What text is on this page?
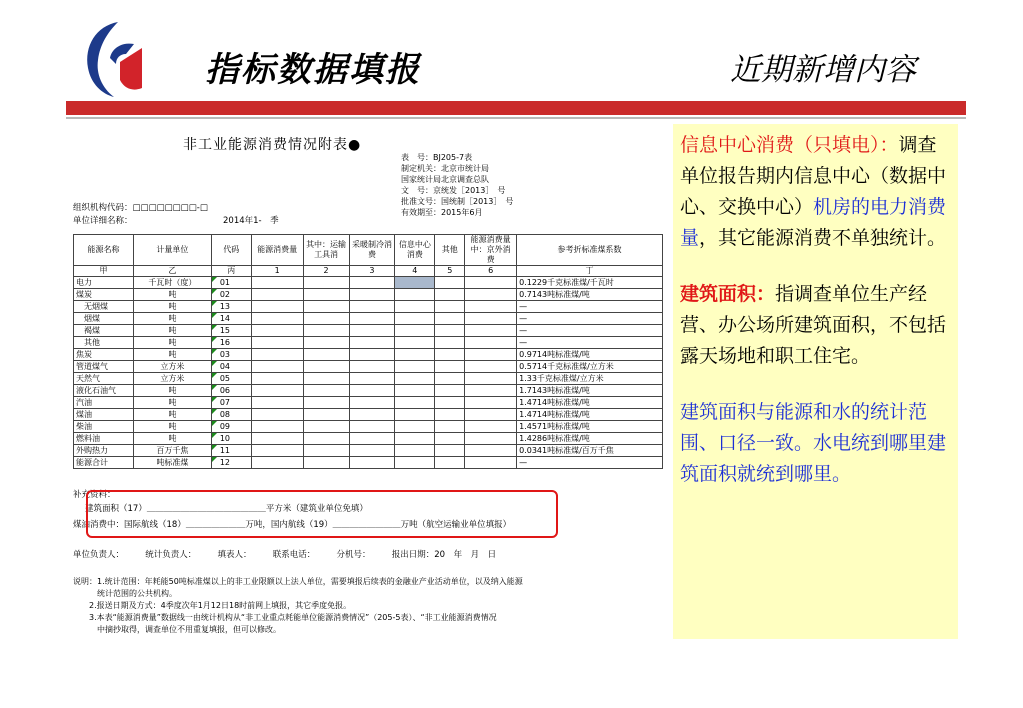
指标数据填报	近期新增内容
非工业能源消费情况附表●
表　号：BJ205-7表
制定机关：北京市统计局
国家统计局北京调查总队
文　号：京统发［2013］　号
批准文号：国统制［2013］　号
有效期至：2015年6月
组织机构代码：□□□□□□□□-□
单位详细名称：	2014年1-　季
能源名称	计量单位	代码	能源消费量	其中：运输工具消	采暖制冷消费	信息中心消费	其他	能源消费量中：京外消费	参考折标准煤系数
甲	乙	丙	1	2	3	4	5	6	丁
电力	千瓦时（度）	01							0.1229千克标准煤/千瓦时
煤炭	吨	02							0.7143吨标准煤/吨
　无烟煤	吨	13							—
　烟煤	吨	14							—
　褐煤	吨	15							—
　其他	吨	16							—
焦炭	吨	03							0.9714吨标准煤/吨
管道煤气	立方米	04							0.5714千克标准煤/立方米
天然气	立方米	05							1.33千克标准煤/立方米
液化石油气	吨	06							1.7143吨标准煤/吨
汽油	吨	07							1.4714吨标准煤/吨
煤油	吨	08							1.4714吨标准煤/吨
柴油	吨	09							1.4571吨标准煤/吨
燃料油	吨	10							1.4286吨标准煤/吨
外购热力	百万千焦	11							0.0341吨标准煤/百万千焦
能源合计	吨标准煤	12							—
补充资料：
建筑面积（17）＿＿＿＿＿＿＿＿＿＿＿＿＿＿平方米（建筑业单位免填）
煤油消费中：国际航线（18）＿＿＿＿＿＿＿万吨，国内航线（19）＿＿＿＿＿＿＿＿万吨（航空运输业单位填报）
单位负责人：　　　统计负责人：　　　填表人：　　　联系电话：　　　分机号：　　　报出日期：20　年　月　日
说明：1.统计范围：年耗能50吨标准煤以上的非工业限额以上法人单位，需要填报后续表的金融业产业活动单位，以及纳入能源
　　　统计范围的公共机构。
　　2.报送日期及方式：4季度次年1月12日18时前网上填报，其它季度免报。
　　3.本表“能源消费量”数据线一由统计机构从“非工业重点耗能单位能源消费情况”（205-5表）、“非工业能源消费情况
　　　中摘抄取得，调查单位不用重复填报，但可以修改。

信息中心消费（只填电）：调查单位报告期内信息中心（数据中心、交换中心）机房的电力消费量，其它能源消费不单独统计。

建筑面积：指调查单位生产经营、办公场所建筑面积，不包括露天场地和职工住宅。

建筑面积与能源和水的统计范围、口径一致。水电统到哪里建筑面积就统到哪里。
